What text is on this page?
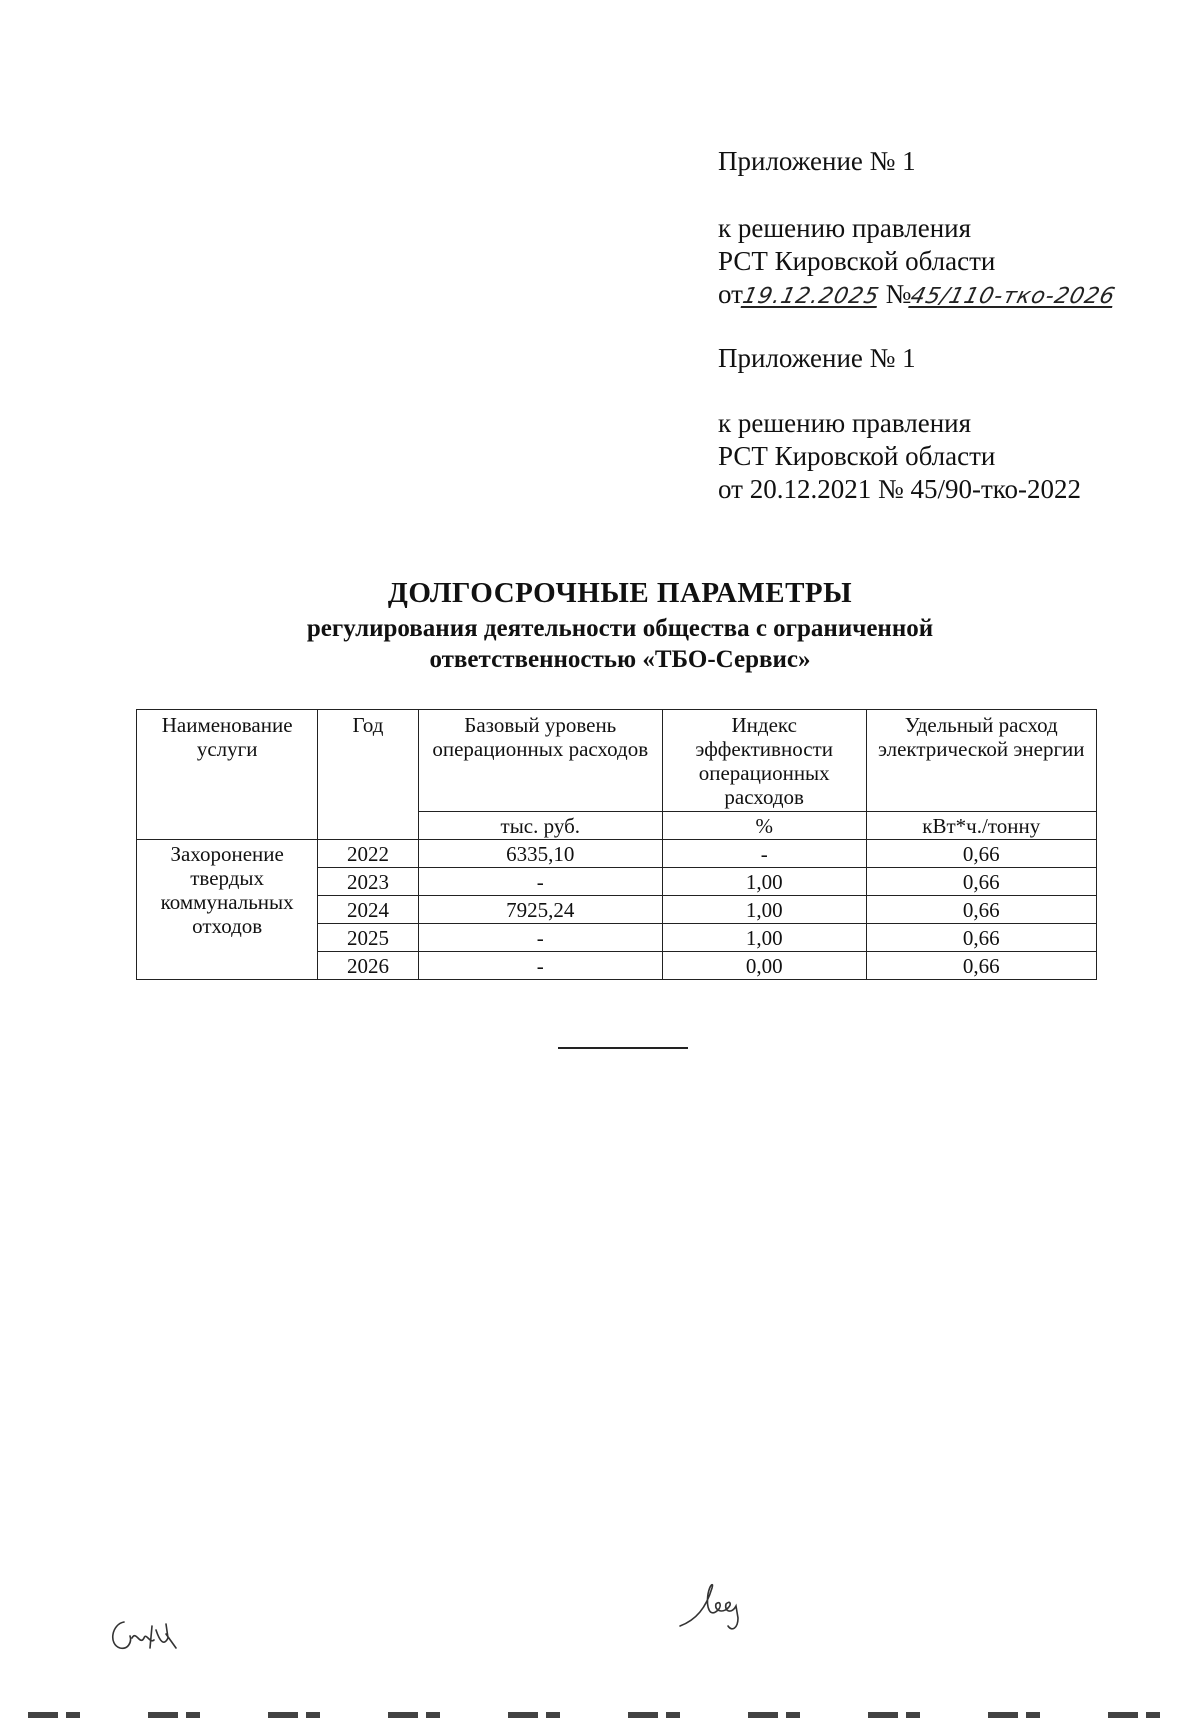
Приложение № 1
к решению правления
РСТ Кировской области
от19.12.2025 №45/110-тко-2026
Приложение № 1
к решению правления
РСТ Кировской области
от 20.12.2021 № 45/90-тко-2022
ДОЛГОСРОЧНЫЕ ПАРАМЕТРЫ
регулирования деятельности общества с ограниченной
ответственностью «ТБО-Сервис»
Наименование услуги	Год	Базовый уровень операционных расходов	Индекс эффективности операционных расходов	Удельный расход электрической энергии
		тыс. руб.	%	кВт*ч./тонну
Захоронение твердых коммунальных отходов	2022	6335,10	-	0,66
	2023	-	1,00	0,66
	2024	7925,24	1,00	0,66
	2025	-	1,00	0,66
	2026	-	0,00	0,66
